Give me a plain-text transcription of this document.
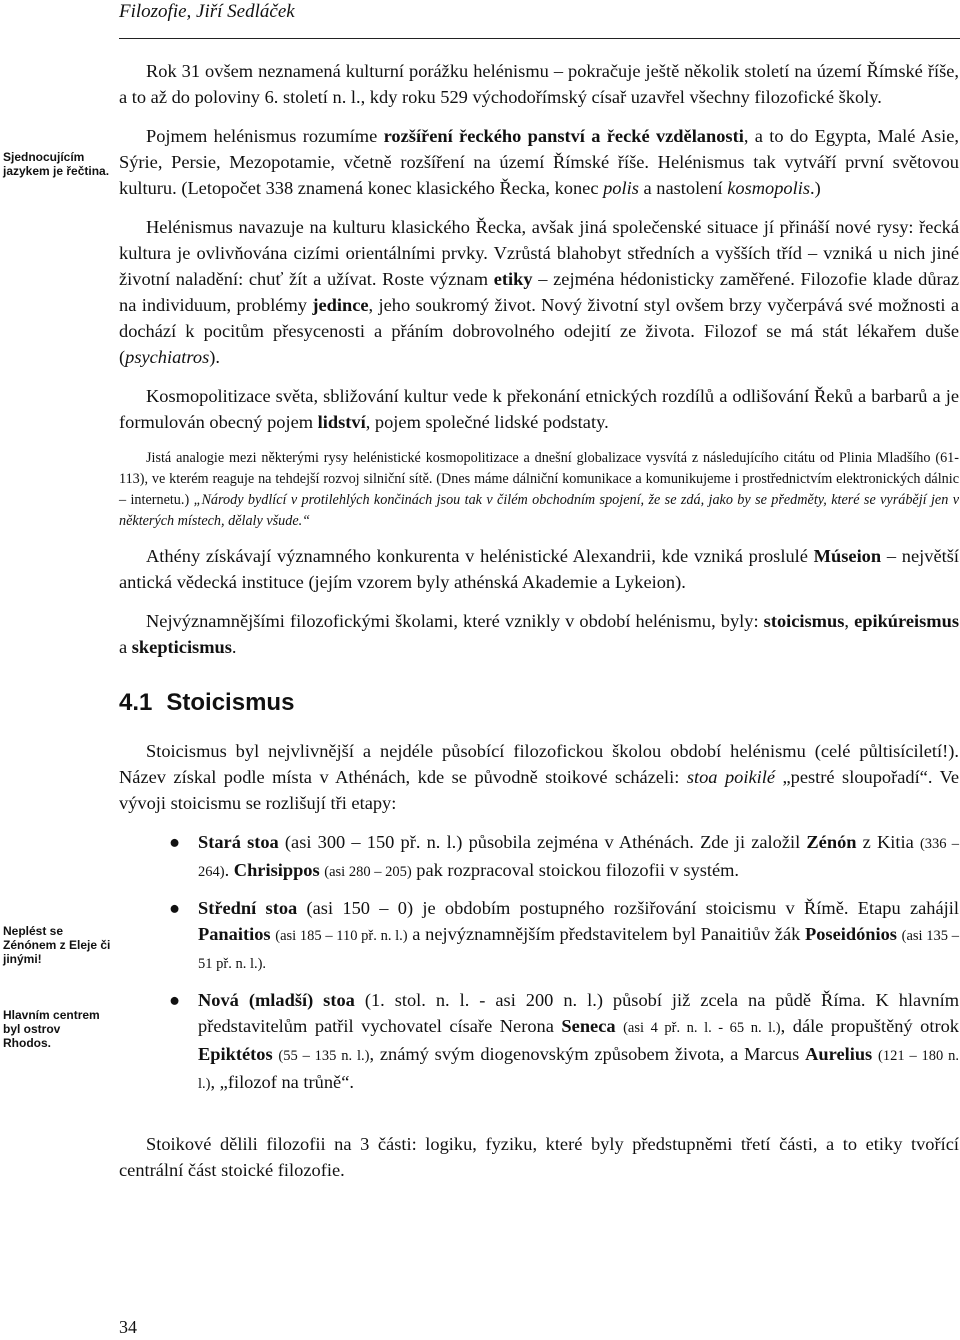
Filozofie, Jiří Sedláček
Sjednocujícím jazykem je řečtina.
Neplést se Zénónem z Eleje či jinými!
Hlavním centrem byl ostrov Rhodos.

Rok 31 ovšem neznamená kulturní porážku helénismu – pokračuje ještě několik století na území Římské říše, a to až do poloviny 6. století n. l., kdy roku 529 východořímský císař uzavřel všechny filozofické školy.

Pojmem helénismus rozumíme rozšíření řeckého panství a řecké vzdělanosti, a to do Egypta, Malé Asie, Sýrie, Persie, Mezopotamie, včetně rozšíření na území Římské říše. Helénismus tak vytváří první světovou kulturu. (Letopočet 338 znamená konec klasického Řecka, konec polis a nastolení kosmopolis.)

Helénismus navazuje na kulturu klasického Řecka, avšak jiná společenské situace jí přináší nové rysy: řecká kultura je ovlivňována cizími orientálními prvky. Vzrůstá blahobyt středních a vyšších tříd – vzniká u nich jiné životní naladění: chuť žít a užívat. Roste význam etiky – zejména hédonisticky zaměřené. Filozofie klade důraz na individuum, problémy jedince, jeho soukromý život. Nový životní styl ovšem brzy vyčerpává své možnosti a dochází k pocitům přesycenosti a přáním dobrovolného odejití ze života. Filozof se má stát lékařem duše (psychiatros).

Kosmopolitizace světa, sbližování kultur vede k překonání etnických rozdílů a odlišování Řeků a barbarů a je formulován obecný pojem lidství, pojem společné lidské podstaty.

Jistá analogie mezi některými rysy helénistické kosmopolitizace a dnešní globalizace vysvítá z následujícího citátu od Plinia Mladšího (61-113), ve kterém reaguje na tehdejší rozvoj silniční sítě. (Dnes máme dálniční komunikace a komunikujeme i prostřednictvím elektronických dálnic – internetu.) „Národy bydlící v protilehlých končinách jsou tak v čilém obchodním spojení, že se zdá, jako by se předměty, které se vyrábějí jen v některých místech, dělaly všude.“

Athény získávají významného konkurenta v helénistické Alexandrii, kde vzniká proslulé Múseion – největší antická vědecká instituce (jejím vzorem byly athénská Akademie a Lykeion).

Nejvýznamnějšími filozofickými školami, které vznikly v období helénismu, byly: stoicismus, epikúreismus a skepticismus.

4.1 Stoicismus

Stoicismus byl nejvlivnější a nejdéle působící filozofickou školou období helénismu (celé půltisíciletí!). Název získal podle místa v Athénách, kde se původně stoikové scházeli: stoa poikilé „pestré sloupořadí“. Ve vývoji stoicismu se rozlišují tři etapy:

● Stará stoa (asi 300 – 150 př. n. l.) působila zejména v Athénách. Zde ji založil Zénón z Kitia (336 – 264). Chrisippos (asi 280 – 205) pak rozpracoval stoickou filozofii v systém.
● Střední stoa (asi 150 – 0) je obdobím postupného rozšiřování stoicismu v Římě. Etapu zahájil Panaitios (asi 185 – 110 př. n. l.) a nejvýznamnějším představitelem byl Panaitiův žák Poseidónios (asi 135 – 51 př. n. l.).
● Nová (mladší) stoa (1. stol. n. l. - asi 200 n. l.) působí již zcela na půdě Říma. K hlavním představitelům patřil vychovatel císaře Nerona Seneca (asi 4 př. n. l. - 65 n. l.), dále propuštěný otrok Epiktétos (55 – 135 n. l.), známý svým diogenovským způsobem života, a Marcus Aurelius (121 – 180 n. l.), „filozof na trůně“.

Stoikové dělili filozofii na 3 části: logiku, fyziku, které byly předstupněmi třetí části, a to etiky tvořící centrální část stoické filozofie.

34
